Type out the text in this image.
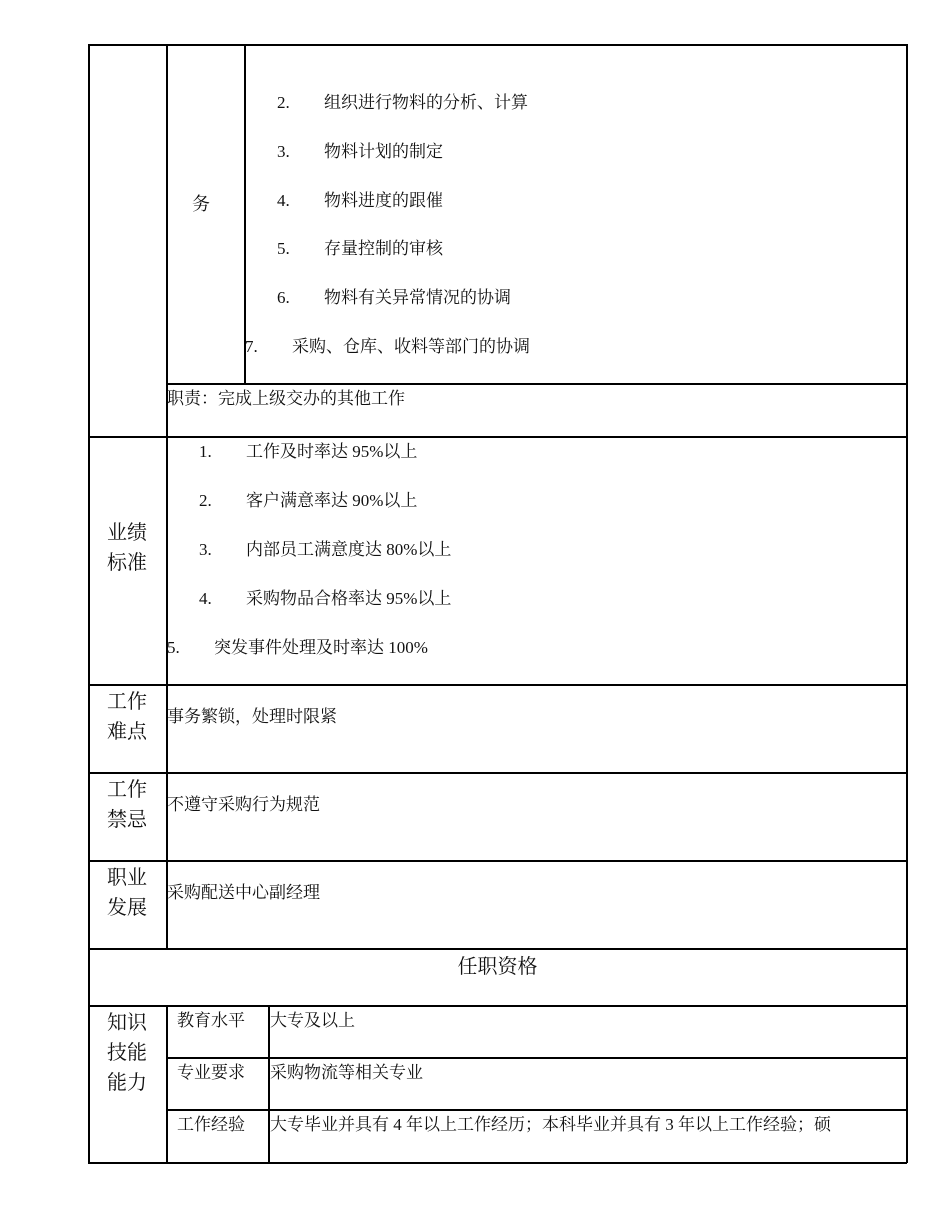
务
2. 组织进行物料的分析、计算
3. 物料计划的制定
4. 物料进度的跟催
5. 存量控制的审核
6. 物料有关异常情况的协调
7. 采购、仓库、收料等部门的协调
职责：完成上级交办的其他工作
业绩
标准
1. 工作及时率达 95%以上
2. 客户满意率达 90%以上
3. 内部员工满意度达 80%以上
4. 采购物品合格率达 95%以上
5. 突发事件处理及时率达 100%
工作
难点
事务繁锁，处理时限紧
工作
禁忌
不遵守采购行为规范
职业
发展
采购配送中心副经理
任职资格
知识
技能
能力
教育水平 大专及以上
专业要求 采购物流等相关专业
工作经验 大专毕业并具有 4 年以上工作经历；本科毕业并具有 3 年以上工作经验；硕
